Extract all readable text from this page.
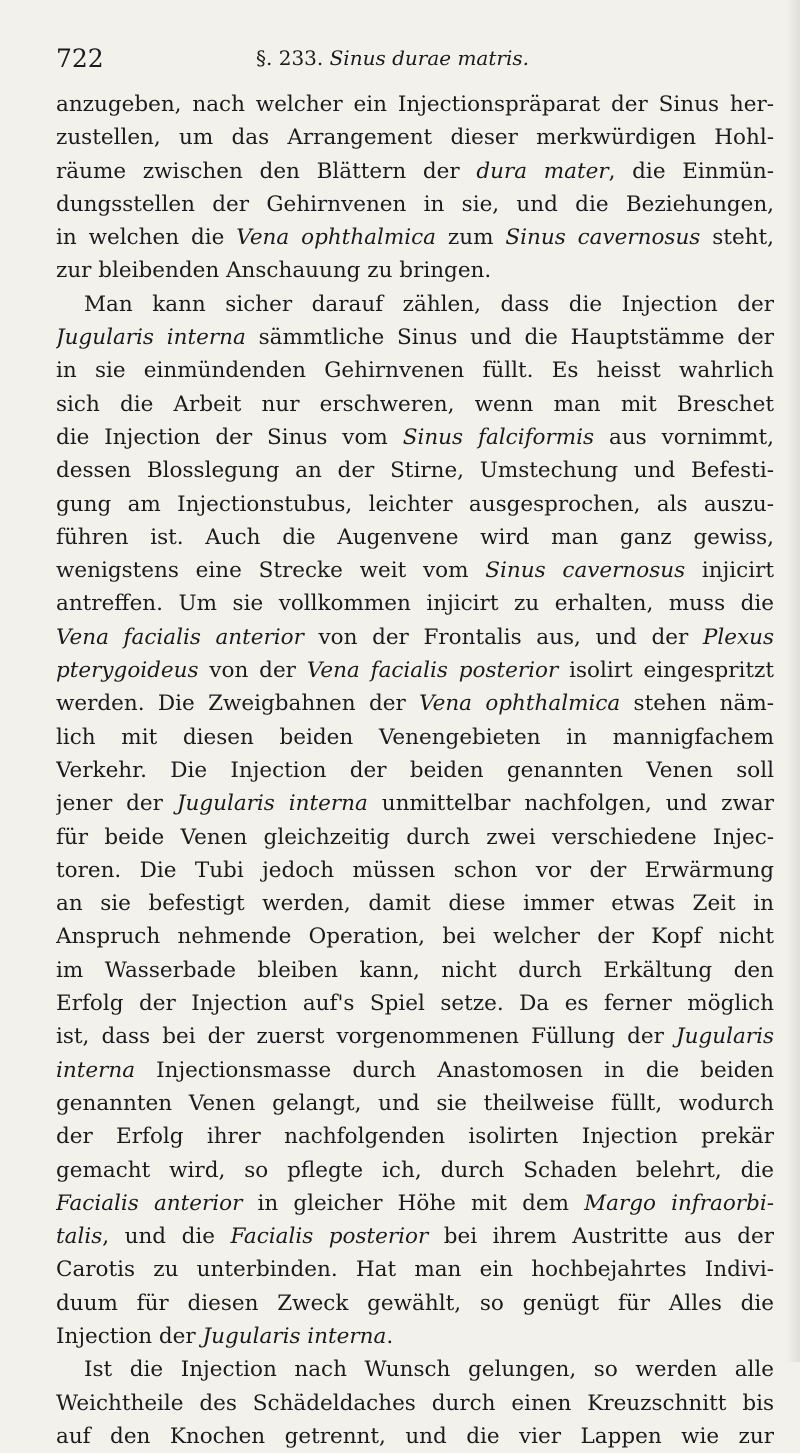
722	§. 233. Sinus durae matris.
anzugeben, nach welcher ein Injectionspräparat der Sinus her-
zustellen, um das Arrangement dieser merkwürdigen Hohl-
räume zwischen den Blättern der dura mater, die Einmün-
dungsstellen der Gehirnvenen in sie, und die Beziehungen,
in welchen die Vena ophthalmica zum Sinus cavernosus steht,
zur bleibenden Anschauung zu bringen.
Man kann sicher darauf zählen, dass die Injection der
Jugularis interna sämmtliche Sinus und die Hauptstämme der
in sie einmündenden Gehirnvenen füllt. Es heisst wahrlich
sich die Arbeit nur erschweren, wenn man mit Breschet
die Injection der Sinus vom Sinus falciformis aus vornimmt,
dessen Blosslegung an der Stirne, Umstechung und Befesti-
gung am Injectionstubus, leichter ausgesprochen, als auszu-
führen ist. Auch die Augenvene wird man ganz gewiss,
wenigstens eine Strecke weit vom Sinus cavernosus injicirt
antreffen. Um sie vollkommen injicirt zu erhalten, muss die
Vena facialis anterior von der Frontalis aus, und der Plexus
pterygoideus von der Vena facialis posterior isolirt eingespritzt
werden. Die Zweigbahnen der Vena ophthalmica stehen näm-
lich mit diesen beiden Venengebieten in mannigfachem
Verkehr. Die Injection der beiden genannten Venen soll
jener der Jugularis interna unmittelbar nachfolgen, und zwar
für beide Venen gleichzeitig durch zwei verschiedene Injec-
toren. Die Tubi jedoch müssen schon vor der Erwärmung
an sie befestigt werden, damit diese immer etwas Zeit in
Anspruch nehmende Operation, bei welcher der Kopf nicht
im Wasserbade bleiben kann, nicht durch Erkältung den
Erfolg der Injection auf's Spiel setze. Da es ferner möglich
ist, dass bei der zuerst vorgenommenen Füllung der Jugularis
interna Injectionsmasse durch Anastomosen in die beiden
genannten Venen gelangt, und sie theilweise füllt, wodurch
der Erfolg ihrer nachfolgenden isolirten Injection prekär
gemacht wird, so pflegte ich, durch Schaden belehrt, die
Facialis anterior in gleicher Höhe mit dem Margo infraorbi-
talis, und die Facialis posterior bei ihrem Austritte aus der
Carotis zu unterbinden. Hat man ein hochbejahrtes Indivi-
duum für diesen Zweck gewählt, so genügt für Alles die
Injection der Jugularis interna.
Ist die Injection nach Wunsch gelungen, so werden alle
Weichtheile des Schädeldaches durch einen Kreuzschnitt bis
auf den Knochen getrennt, und die vier Lappen wie zur
